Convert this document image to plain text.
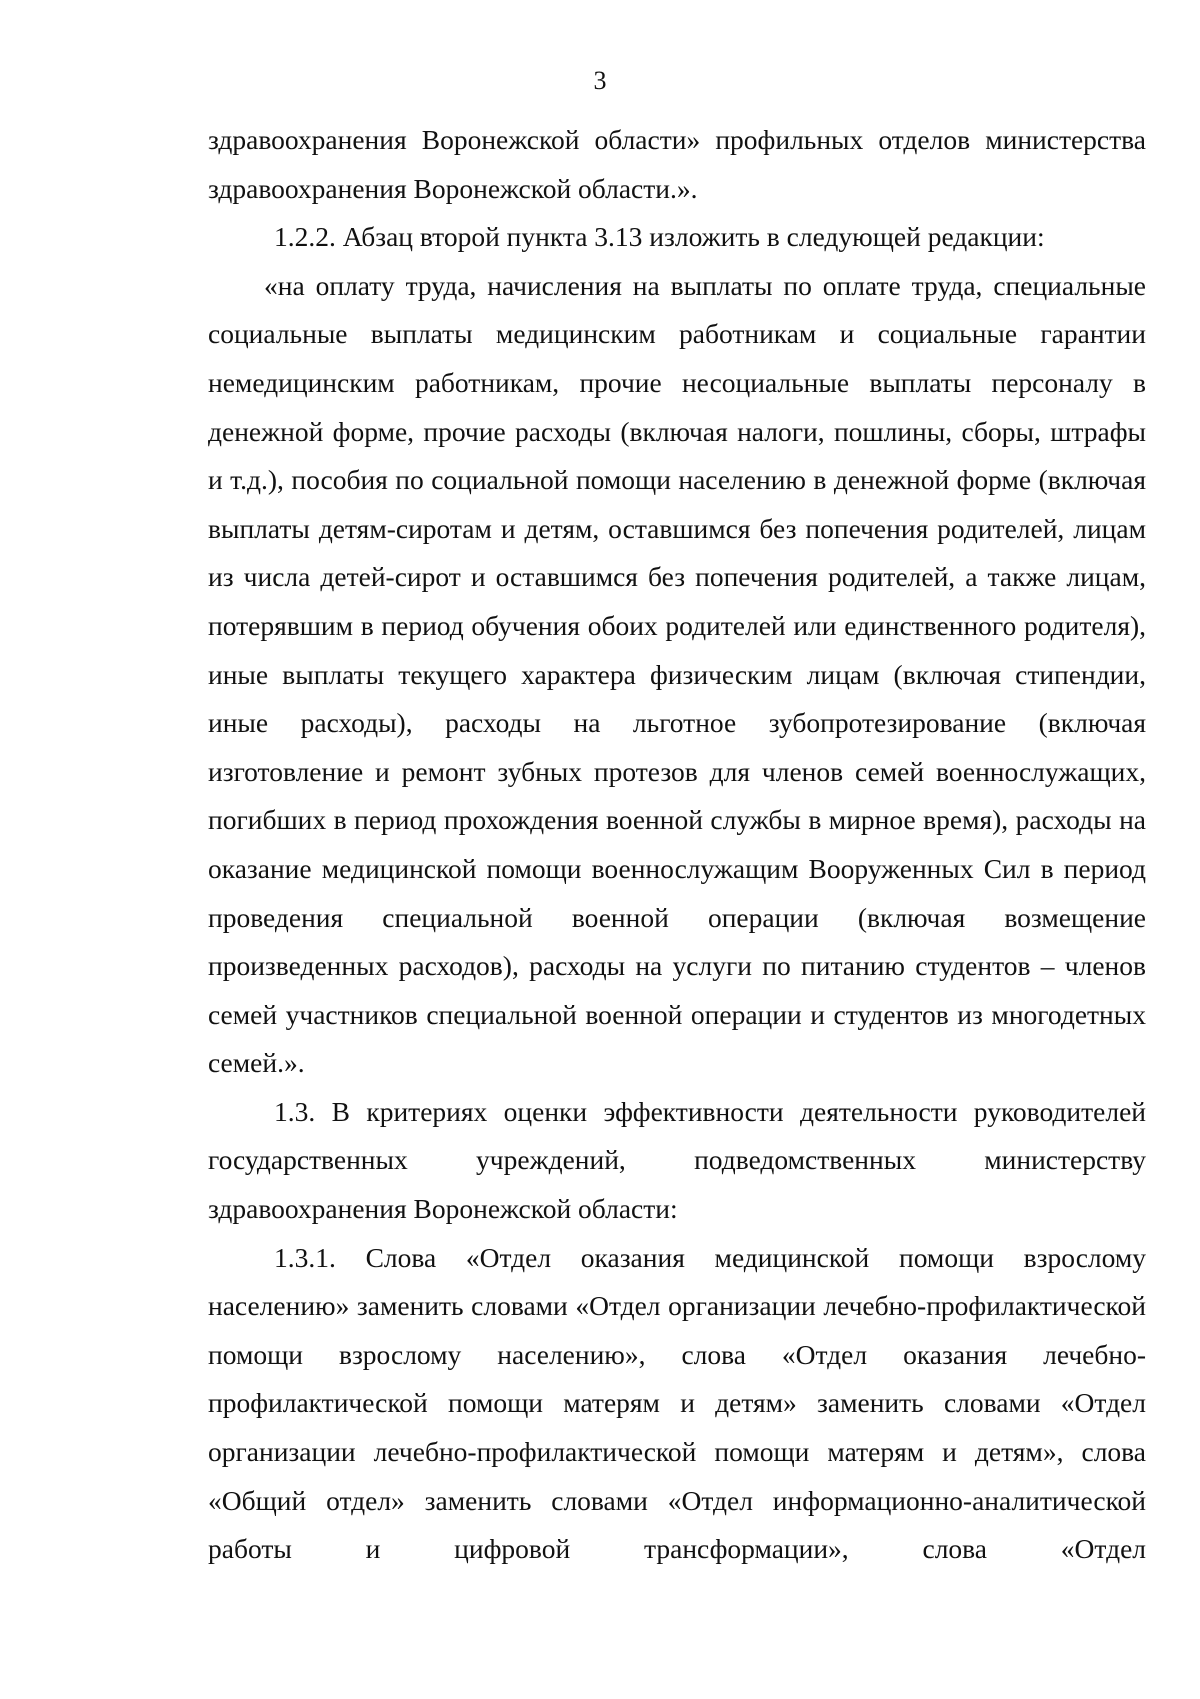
3

здравоохранения Воронежской области» профильных отделов министерства здравоохранения Воронежской области.».

1.2.2. Абзац второй пункта 3.13 изложить в следующей редакции:

«на оплату труда, начисления на выплаты по оплате труда, специальные социальные выплаты медицинским работникам и социальные гарантии немедицинским работникам, прочие несоциальные выплаты персоналу в денежной форме, прочие расходы (включая налоги, пошлины, сборы, штрафы и т.д.), пособия по социальной помощи населению в денежной форме (включая выплаты детям-сиротам и детям, оставшимся без попечения родителей, лицам из числа детей-сирот и оставшимся без попечения родителей, а также лицам, потерявшим в период обучения обоих родителей или единственного родителя), иные выплаты текущего характера физическим лицам (включая стипендии, иные расходы), расходы на льготное зубопротезирование (включая изготовление и ремонт зубных протезов для членов семей военнослужащих, погибших в период прохождения военной службы в мирное время), расходы на оказание медицинской помощи военнослужащим Вооруженных Сил в период проведения специальной военной операции (включая возмещение произведенных расходов), расходы на услуги по питанию студентов – членов семей участников специальной военной операции и студентов из многодетных семей.».

1.3. В критериях оценки эффективности деятельности руководителей государственных учреждений, подведомственных министерству здравоохранения Воронежской области:

1.3.1. Слова «Отдел оказания медицинской помощи взрослому населению» заменить словами «Отдел организации лечебно-профилактической помощи взрослому населению», слова «Отдел оказания лечебно-профилактической помощи матерям и детям» заменить словами «Отдел организации лечебно-профилактической помощи матерям и детям», слова «Общий отдел» заменить словами «Отдел информационно-аналитической работы и цифровой трансформации», слова «Отдел
